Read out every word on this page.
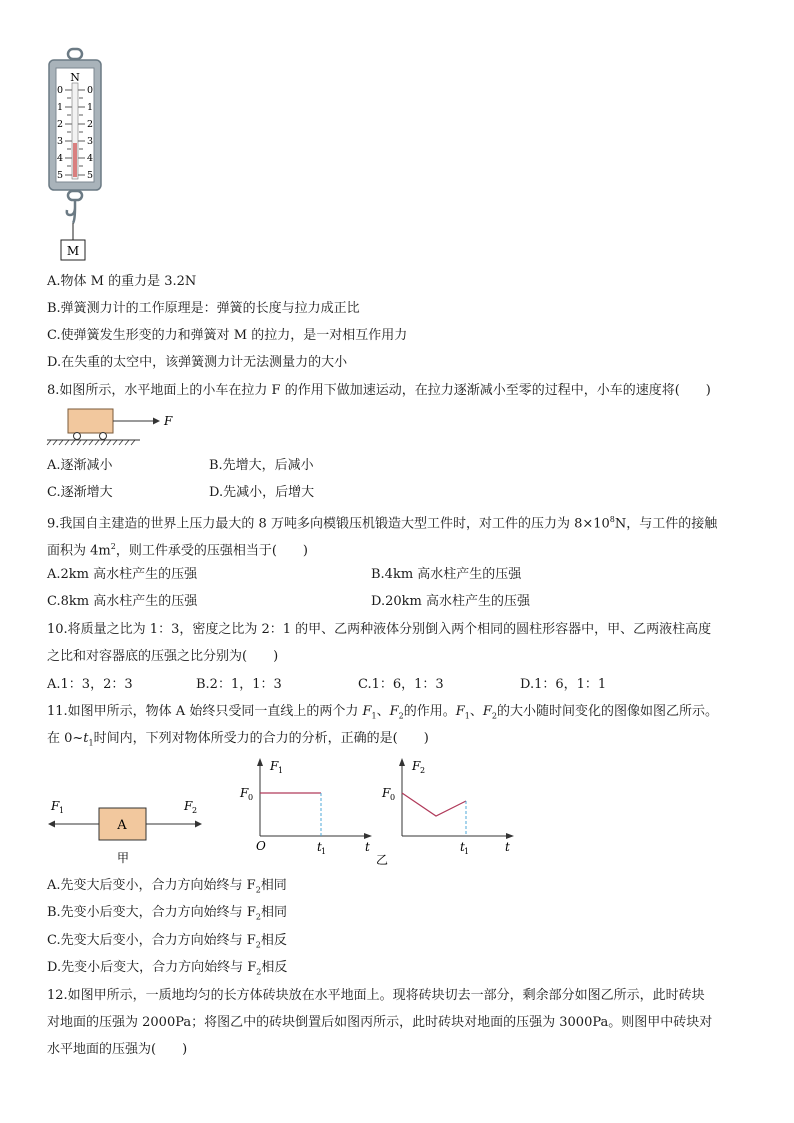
N
0
1
2
3
4
5
0
1
2
3
4
5
M
A.物体 M 的重力是 3.2N
B.弹簧测力计的工作原理是：弹簧的长度与拉力成正比
C.使弹簧发生形变的力和弹簧对 M 的拉力，是一对相互作用力
D.在失重的太空中，该弹簧测力计无法测量力的大小
8.如图所示，水平地面上的小车在拉力 F 的作用下做加速运动，在拉力逐渐减小至零的过程中，小车的速度将(　　)
F
A.逐渐减小	B.先增大，后减小
C.逐渐增大	D.先减小，后增大
9.我国自主建造的世界上压力最大的 8 万吨多向模锻压机锻造大型工件时，对工件的压力为 $8\times 10^8N$，与工件的接触
面积为 $4m^2$，则工件承受的压强相当于(　　)
A.2km 高水柱产生的压强	B.4km 高水柱产生的压强
C.8km 高水柱产生的压强	D.20km 高水柱产生的压强
10.将质量之比为 1：3，密度之比为 2：1 的甲、乙两种液体分别倒入两个相同的圆柱形容器中，甲、乙两液柱高度
之比和对容器底的压强之比分别为(　　)
A.1：3，2：3	B.2：1，1：3	C.1：6，1：3	D.1：6，1：1
11.如图甲所示，物体 A 始终只受同一直线上的两个力 $F_1$、$F_2$的作用。$F_1$、$F_2$的大小随时间变化的图像如图乙所示。
在 $0\sim t_1$时间内，下列对物体所受力的合力的分析，正确的是(　　)
F 1	F 2
A
甲
F 1
F 0
O	t
t 1
F 2
F 0
t
t 1
乙
A.先变大后变小，合力方向始终与 $F_2$相同
B.先变小后变大，合力方向始终与 $F_2$相同
C.先变大后变小，合力方向始终与 $F_2$相反
D.先变小后变大，合力方向始终与 $F_2$相反
12.如图甲所示，一质地均匀的长方体砖块放在水平地面上。现将砖块切去一部分，剩余部分如图乙所示，此时砖块
对地面的压强为 2000Pa；将图乙中的砖块倒置后如图丙所示，此时砖块对地面的压强为 3000Pa。则图甲中砖块对
水平地面的压强为(　　)
